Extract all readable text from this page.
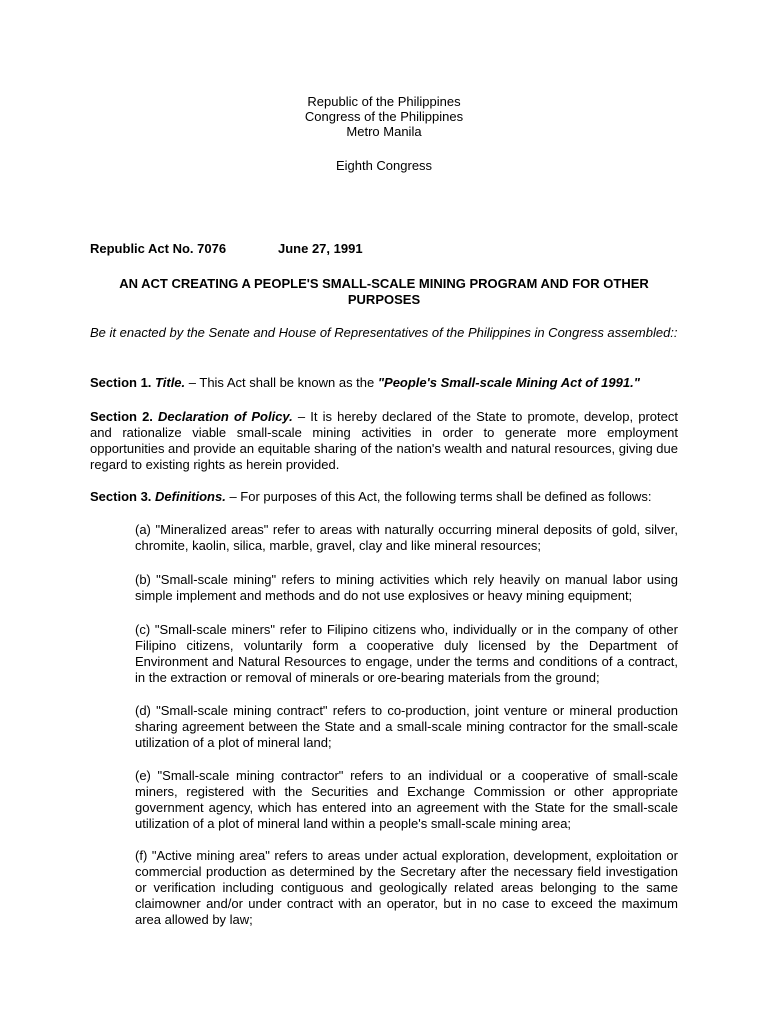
Republic of the Philippines
Congress of the Philippines
Metro Manila
Eighth Congress
Republic Act No. 7076	June 27, 1991
AN ACT CREATING A PEOPLE'S SMALL-SCALE MINING PROGRAM AND FOR OTHER PURPOSES
Be it enacted by the Senate and House of Representatives of the Philippines in Congress assembled::
Section 1. Title. – This Act shall be known as the "People's Small-scale Mining Act of 1991."
Section 2. Declaration of Policy. – It is hereby declared of the State to promote, develop, protect and rationalize viable small-scale mining activities in order to generate more employment opportunities and provide an equitable sharing of the nation's wealth and natural resources, giving due regard to existing rights as herein provided.
Section 3. Definitions. – For purposes of this Act, the following terms shall be defined as follows:
(a) "Mineralized areas" refer to areas with naturally occurring mineral deposits of gold, silver, chromite, kaolin, silica, marble, gravel, clay and like mineral resources;
(b) "Small-scale mining" refers to mining activities which rely heavily on manual labor using simple implement and methods and do not use explosives or heavy mining equipment;
(c) "Small-scale miners" refer to Filipino citizens who, individually or in the company of other Filipino citizens, voluntarily form a cooperative duly licensed by the Department of Environment and Natural Resources to engage, under the terms and conditions of a contract, in the extraction or removal of minerals or ore-bearing materials from the ground;
(d) "Small-scale mining contract" refers to co-production, joint venture or mineral production sharing agreement between the State and a small-scale mining contractor for the small-scale utilization of a plot of mineral land;
(e) "Small-scale mining contractor" refers to an individual or a cooperative of small-scale miners, registered with the Securities and Exchange Commission or other appropriate government agency, which has entered into an agreement with the State for the small-scale utilization of a plot of mineral land within a people's small-scale mining area;
(f) "Active mining area" refers to areas under actual exploration, development, exploitation or commercial production as determined by the Secretary after the necessary field investigation or verification including contiguous and geologically related areas belonging to the same claimowner and/or under contract with an operator, but in no case to exceed the maximum area allowed by law;
